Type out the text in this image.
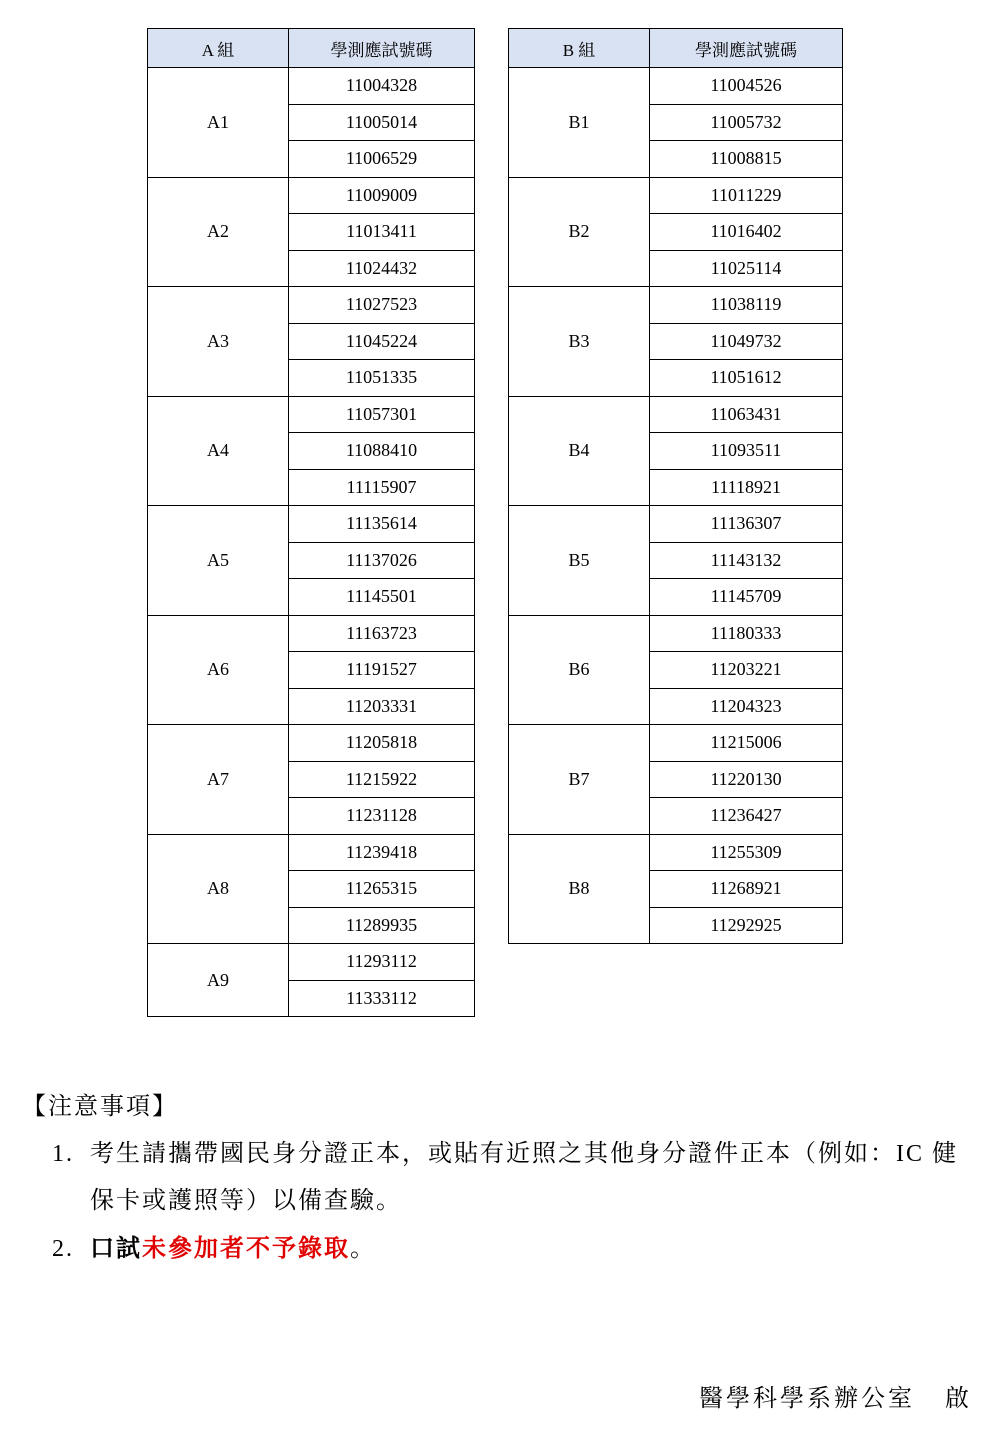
A 組	學測應試號碼
A1	11004328
	11005014
	11006529
A2	11009009
	11013411
	11024432
A3	11027523
	11045224
	11051335
A4	11057301
	11088410
	11115907
A5	11135614
	11137026
	11145501
A6	11163723
	11191527
	11203331
A7	11205818
	11215922
	11231128
A8	11239418
	11265315
	11289935
A9	11293112
	11333112
B 組	學測應試號碼
B1	11004526
	11005732
	11008815
B2	11011229
	11016402
	11025114
B3	11038119
	11049732
	11051612
B4	11063431
	11093511
	11118921
B5	11136307
	11143132
	11145709
B6	11180333
	11203221
	11204323
B7	11215006
	11220130
	11236427
B8	11255309
	11268921
	11292925
【注意事項】
1. 考生請攜帶國民身分證正本，或貼有近照之其他身分證件正本（例如：IC 健保卡或護照等）以備查驗。
2. 口試未參加者不予錄取。
醫學科學系辦公室 啟
